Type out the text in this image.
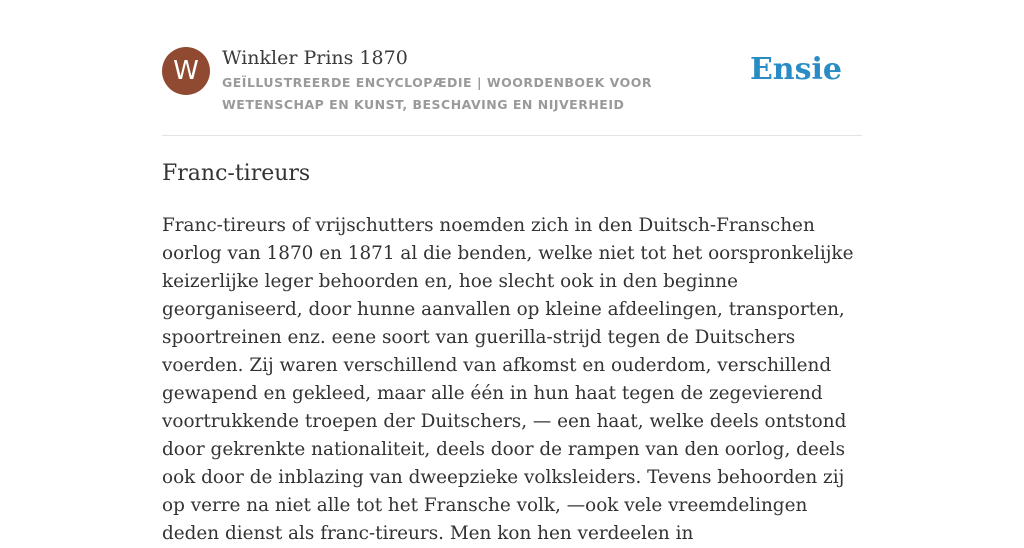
W	Winkler Prins 1870
GEÏLLUSTREERDE ENCYCLOPÆDIE | WOORDENBOEK VOOR WETENSCHAP EN KUNST, BESCHAVING EN NIJVERHEID
Ensie
Franc-tireurs

Franc-tireurs of vrijschutters noemden zich in den Duitsch-Franschen oorlog van 1870 en 1871 al die benden, welke niet tot het oorspronkelijke keizerlijke leger behoorden en, hoe slecht ook in den beginne georganiseerd, door hunne aanvallen op kleine afdeelingen, transporten, spoortreinen enz. eene soort van guerilla-strijd tegen de Duitschers voerden. Zij waren verschillend van afkomst en ouderdom, verschillend gewapend en gekleed, maar alle één in hun haat tegen de zegevierend voortrukkende troepen der Duitschers, — een haat, welke deels ontstond door gekrenkte nationaliteit, deels door de rampen van den oorlog, deels ook door de inblazing van dweepzieke volksleiders. Tevens behoorden zij op verre na niet alle tot het Fransche volk, —ook vele vreemdelingen deden dienst als franc-tireurs. Men kon hen verdeelen in
